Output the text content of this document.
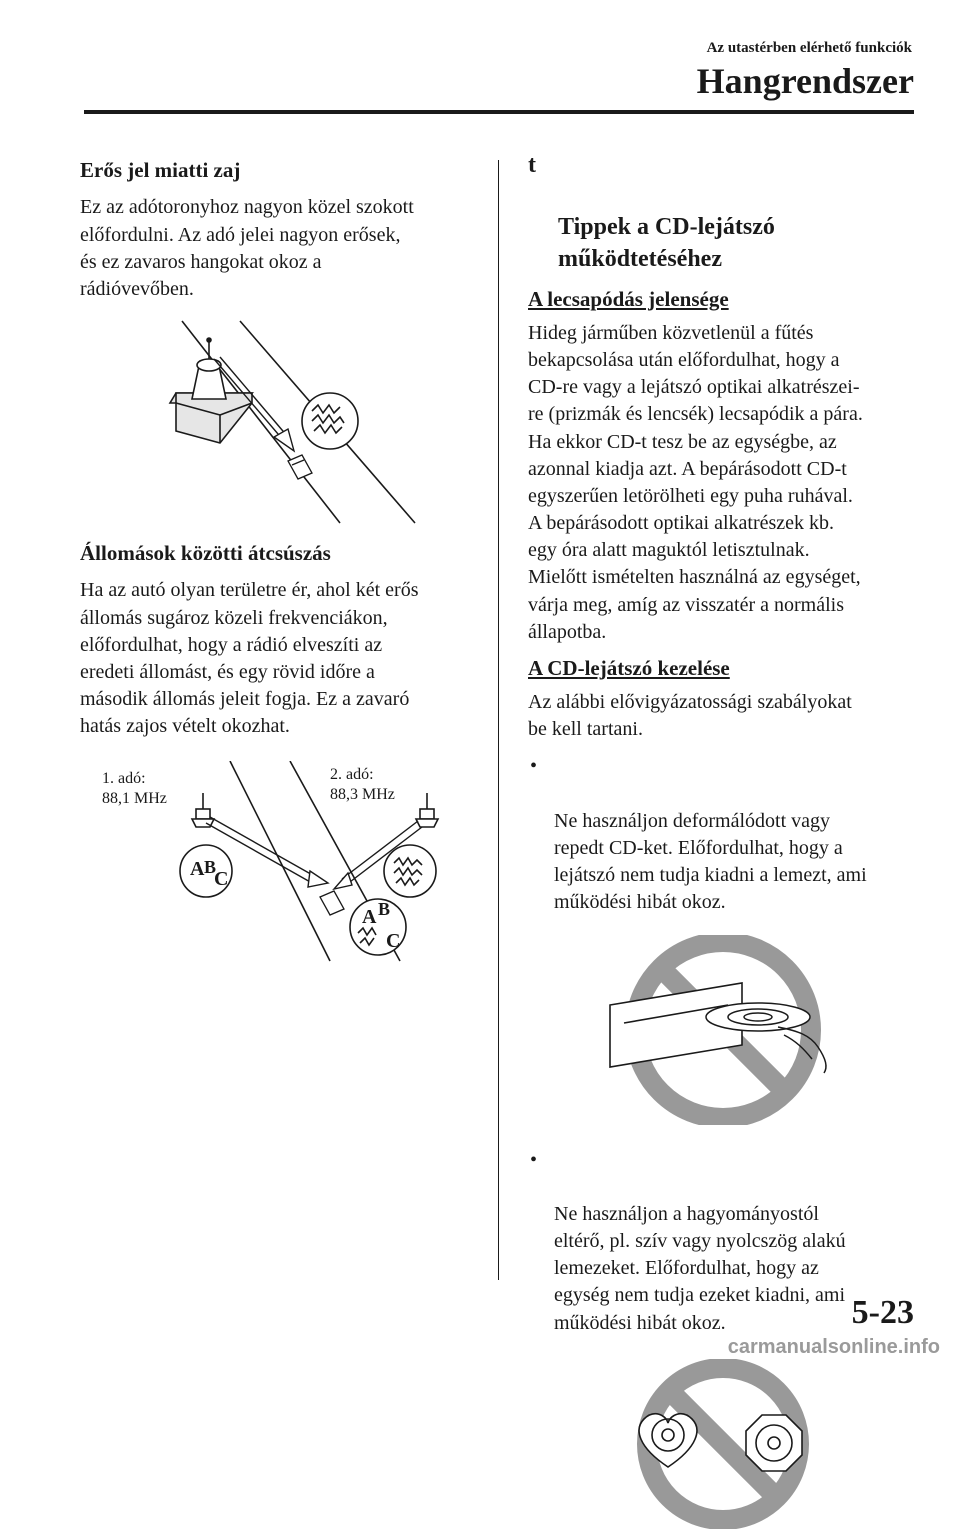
Az utastérben elérhető funkciók
Hangrendszer
Erős jel miatti zaj
Ez az adótoronyhoz nagyon közel szokott
előfordulni. Az adó jelei nagyon erősek,
és ez zavaros hangokat okoz a
rádióvevőben.
Állomások közötti átcsúszás
Ha az autó olyan területre ér, ahol két erős
állomás sugároz közeli frekvenciákon,
előfordulhat, hogy a rádió elveszíti az
eredeti állomást, és egy rövid időre a
második állomás jeleit fogja. Ez a zavaró
hatás zajos vételt okozhat.
1. adó:
88,1 MHz
2. adó:
88,3 MHz
A B
C
A B
C

t

Tippek a CD-lejátszó
működtetéséhez

A lecsapódás jelensége
Hideg járműben közvetlenül a fűtés
bekapcsolása után előfordulhat, hogy a
CD-re vagy a lejátszó optikai alkatrészei-
re (prizmák és lencsék) lecsapódik a pára.
Ha ekkor CD-t tesz be az egységbe, az
azonnal kiadja azt. A bepárásodott CD-t
egyszerűen letörölheti egy puha ruhával.
A bepárásodott optikai alkatrészek kb.
egy óra alatt maguktól letisztulnak.
Mielőtt ismételten használná az egységet,
várja meg, amíg az visszatér a normális
állapotba.
A CD-lejátszó kezelése
Az alábbi elővigyázatossági szabályokat
be kell tartani.

•

Ne használjon deformálódott vagy
repedt CD-ket. Előfordulhat, hogy a
lejátszó nem tudja kiadni a lemezt, ami
működési hibát okoz.

•

Ne használjon a hagyományostól
eltérő, pl. szív vagy nyolcszög alakú
lemezeket. Előfordulhat, hogy az
egység nem tudja ezeket kiadni, ami
működési hibát okoz.	5-23
carmanualsonline.info
